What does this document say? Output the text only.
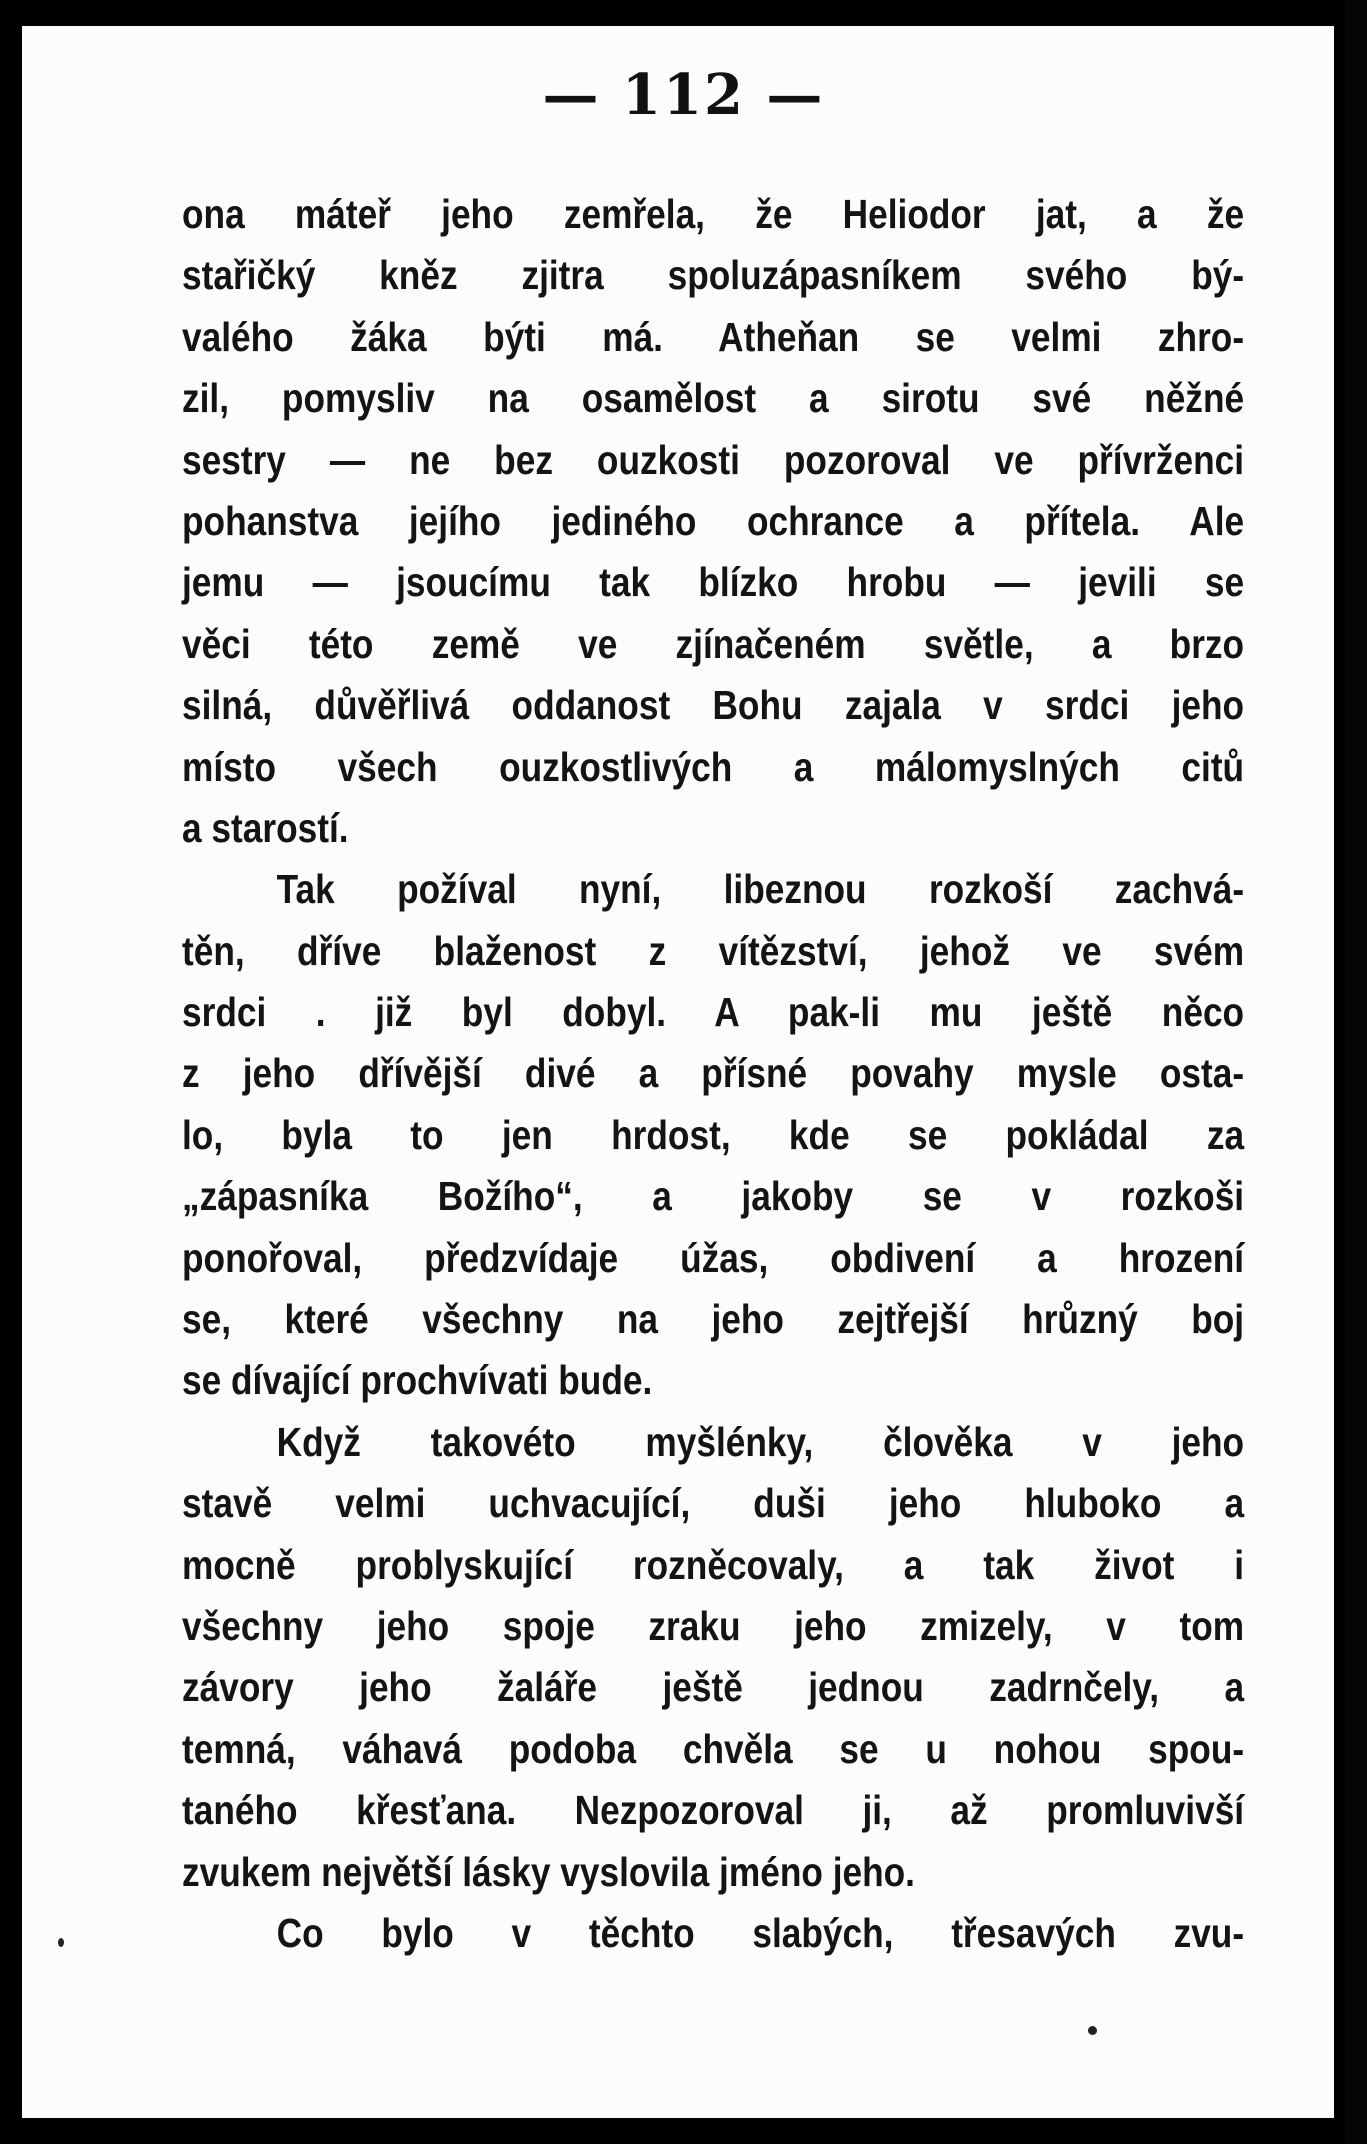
— 112 —
ona máteř jeho zemřela, že Heliodor jat, a že
stařičký kněz zjitra spoluzápasníkem svého bý-
valého žáka býti má. Atheňan se velmi zhro-
zil, pomysliv na osamělost a sirotu své něžné
sestry — ne bez ouzkosti pozoroval ve přívrženci
pohanstva jejího jediného ochrance a přítela. Ale
jemu — jsoucímu tak blízko hrobu — jevili se
věci této země ve zjínačeném světle, a brzo
silná, důvěřlivá oddanost Bohu zajala v srdci jeho
místo všech ouzkostlivých a málomyslných citů
a starostí.
Tak požíval nyní, libeznou rozkoší zachvá-
těn, dříve blaženost z vítězství, jehož ve svém
srdci . již byl dobyl. A pak-li mu ještě něco
z jeho dřívější divé a přísné povahy mysle osta-
lo, byla to jen hrdost, kde se pokládal za
„zápasníka Božího“, a jakoby se v rozkoši
ponořoval, předzvídaje úžas, obdivení a hrození
se, které všechny na jeho zejtřejší hrůzný boj
se dívající prochvívati bude.
Když takovéto myšlénky, člověka v jeho
stavě velmi uchvacující, duši jeho hluboko a
mocně problyskující rozněcovaly, a tak život i
všechny jeho spoje zraku jeho zmizely, v tom
závory jeho žaláře ještě jednou zadrnčely, a
temná, váhavá podoba chvěla se u nohou spou-
taného křesťana. Nezpozoroval ji, až promluvivší
zvukem největší lásky vyslovila jméno jeho.
Co bylo v těchto slabých, třesavých zvu-
